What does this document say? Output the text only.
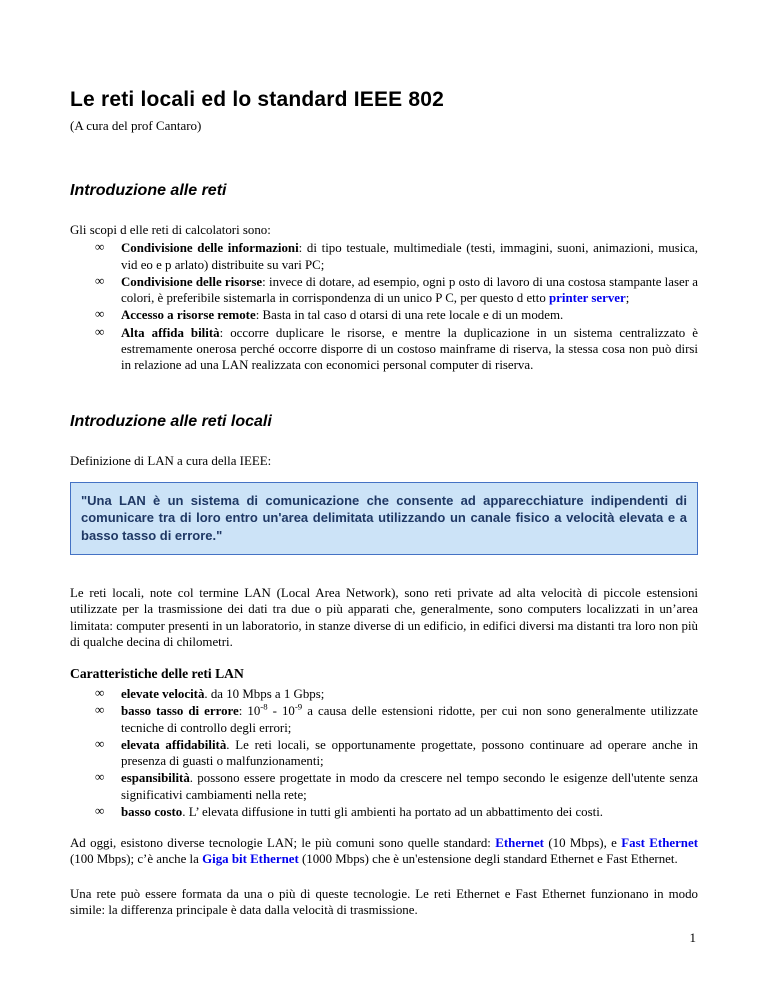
Le reti locali ed lo standard IEEE 802

(A cura del prof Cantaro)

Introduzione alle reti

Gli scopi d elle reti di calcolatori sono:

∞ Condivisione delle informazioni: di tipo testuale, multimediale (testi, immagini, suoni, animazioni, musica, vid eo e p arlato) distribuite su vari PC;
∞ Condivisione delle risorse: invece di dotare, ad esempio, ogni p osto di lavoro di una costosa stampante laser a colori, è preferibile sistemarla in corrispondenza di un unico P C, per questo d etto printer server;
∞ Accesso a risorse remote: Basta in tal caso d otarsi di una rete locale e di un modem.
∞ Alta affida bilità: occorre duplicare le risorse, e mentre la duplicazione in un sistema centralizzato è estremamente onerosa perché occorre disporre di un costoso mainframe di riserva, la stessa cosa non può dirsi in relazione ad una LAN realizzata con economici personal computer di riserva.
Introduzione alle reti locali

Definizione di LAN a cura della IEEE:

"Una LAN è un sistema di comunicazione che consente ad apparecchiature indipendenti di comunicare tra di loro entro un'area delimitata utilizzando un canale fisico a velocità elevata e a basso tasso di errore."

Le reti locali, note col termine LAN (Local Area Network), sono reti private ad alta velocità di piccole estensioni utilizzate per la trasmissione dei dati tra due o più apparati che, generalmente, sono computers localizzati in un’area limitata: computer presenti in un laboratorio, in stanze diverse di un edificio, in edifici diversi ma distanti tra loro non più di qualche decina di chilometri.

Caratteristiche delle reti LAN
∞ elevate velocità. da 10 Mbps a 1 Gbps;
∞ basso tasso di errore: $10^{-8} - 10^{-9}$ a causa delle estensioni ridotte, per cui non sono generalmente utilizzate tecniche di controllo degli errori;
∞ elevata affidabilità. Le reti locali, se opportunamente progettate, possono continuare ad operare anche in presenza di guasti o malfunzionamenti;
∞ espansibilità. possono essere progettate in modo da crescere nel tempo secondo le esigenze dell'utente senza significativi cambiamenti nella rete;
∞ basso costo. L’ elevata diffusione in tutti gli ambienti ha portato ad un abbattimento dei costi.

Ad oggi, esistono diverse tecnologie LAN; le più comuni sono quelle standard: Ethernet (10 Mbps), e Fast Ethernet (100 Mbps); c’è anche la Giga bit Ethernet (1000 Mbps) che è un'estensione degli standard Ethernet e Fast Ethernet.

Una rete può essere formata da una o più di queste tecnologie. Le reti Ethernet e Fast Ethernet funzionano in modo simile: la differenza principale è data dalla velocità di trasmissione.

1
